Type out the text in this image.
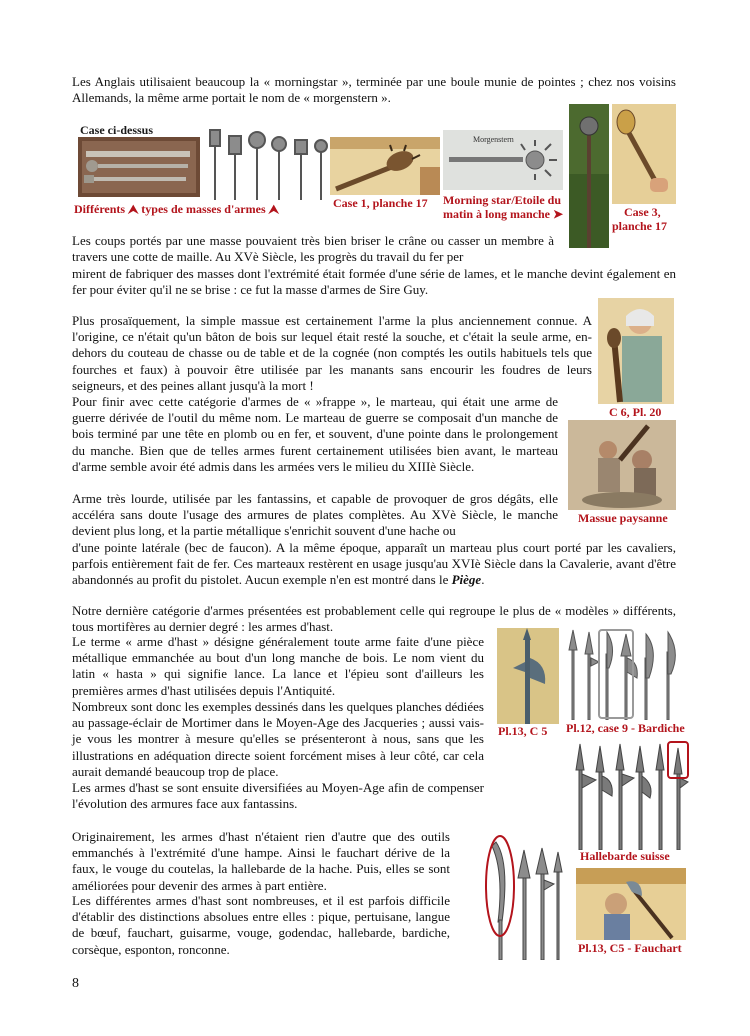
Les Anglais utilisaient beaucoup la « morningstar », terminée par une boule munie de pointes ; chez nos voisins Allemands, la même arme portait le nom de « morgenstern ».

Les coups portés par une masse pouvaient très bien briser le crâne ou casser un membre à travers une cotte de maille. Au XVè Siècle, les progrès du travail du fer per

mirent de fabriquer des masses dont l'extrémité était formée d'une série de lames, et le manche devint également en fer pour éviter qu'il ne se brise : ce fut la masse d'armes de Sire Guy.

Plus prosaïquement, la simple massue est certainement l'arme la plus anciennement connue. A l'origine, ce n'était qu'un bâton de bois sur lequel était resté la souche, et c'était la seule arme, en-dehors du couteau de chasse ou de table et de la cognée (non comptés les outils habituels tels que fourches et faux) à pouvoir être utilisée par les manants sans encourir les foudres de leurs seigneurs, et des peines allant jusqu'à la mort !

Pour finir avec cette catégorie d'armes de « »frappe », le marteau, qui était une arme de guerre dérivée de l'outil du même nom. Le marteau de guerre se composait d'un manche de bois terminé par une tête en plomb ou en fer, et souvent, d'une pointe dans le prolongement du manche. Bien que de telles armes furent certainement utilisées bien avant, le marteau d'arme semble avoir été admis dans les armées vers le milieu du XIIIè Siècle.

Arme très lourde, utilisée par les fantassins, et capable de provoquer de gros dégâts, elle accéléra sans doute l'usage des armures de plates complètes. Au XVè Siècle, le manche devient plus long, et la partie métallique s'enrichit souvent d'une hache ou

d'une pointe latérale (bec de faucon). A la même époque, apparaît un marteau plus court porté par les cavaliers, parfois entièrement fait de fer. Ces marteaux restèrent en usage jusqu'au XVIè Siècle dans la Cavalerie, avant d'être abandonnés au profit du pistolet. Aucun exemple n'en est montré dans le Piège.

Notre dernière catégorie d'armes présentées est probablement celle qui regroupe le plus de « modèles » différents, tous mortifères au dernier degré : les armes d'hast.

Le terme « arme d'hast » désigne généralement toute arme faite d'une pièce métallique emmanchée au bout d'un long manche de bois. Le nom vient du latin « hasta » qui signifie lance. La lance et l'épieu sont d'ailleurs les premières armes d'hast utilisées depuis l'Antiquité.

Nombreux sont donc les exemples dessinés dans les quelques planches dédiées au passage-éclair de Mortimer dans le Moyen-Age des Jacqueries ; aussi vais-je vous les montrer à mesure qu'elles se présenteront à nous, sans que les illustrations en adéquation directe soient forcément mises à leur côté, car cela aurait demandé beaucoup trop de place.

Les armes d'hast se sont ensuite diversifiées au Moyen-Age afin de compenser l'évolution des armures face aux fantassins.

Originairement, les armes d'hast n'étaient rien d'autre que des outils emmanchés à l'extrémité d'une hampe. Ainsi le fauchart dérive de la faux, le vouge du coutelas, la hallebarde de la hache. Puis, elles se sont améliorées pour devenir des armes à part entière.

Les différentes armes d'hast sont nombreuses, et il est parfois difficile d'établir des distinctions absolues entre elles : pique, pertuisane, langue de bœuf, fauchart, guisarme, vouge, godendac, hallebarde, bardiche, corsèque, esponton, ronconne.

8
Case ci-dessus
Différents ⮝ types de masses d'armes ⮝	Case 1, planche 17
Morgenstern
Morning star/Etoile du
matin à long manche ➤	Case 3,
planche 17
C 6, Pl. 20
Massue paysanne
Pl.13, C 5 Pl.12, case 9 - Bardiche
Hallebarde suisse
Pl.13, C5 - Fauchart
